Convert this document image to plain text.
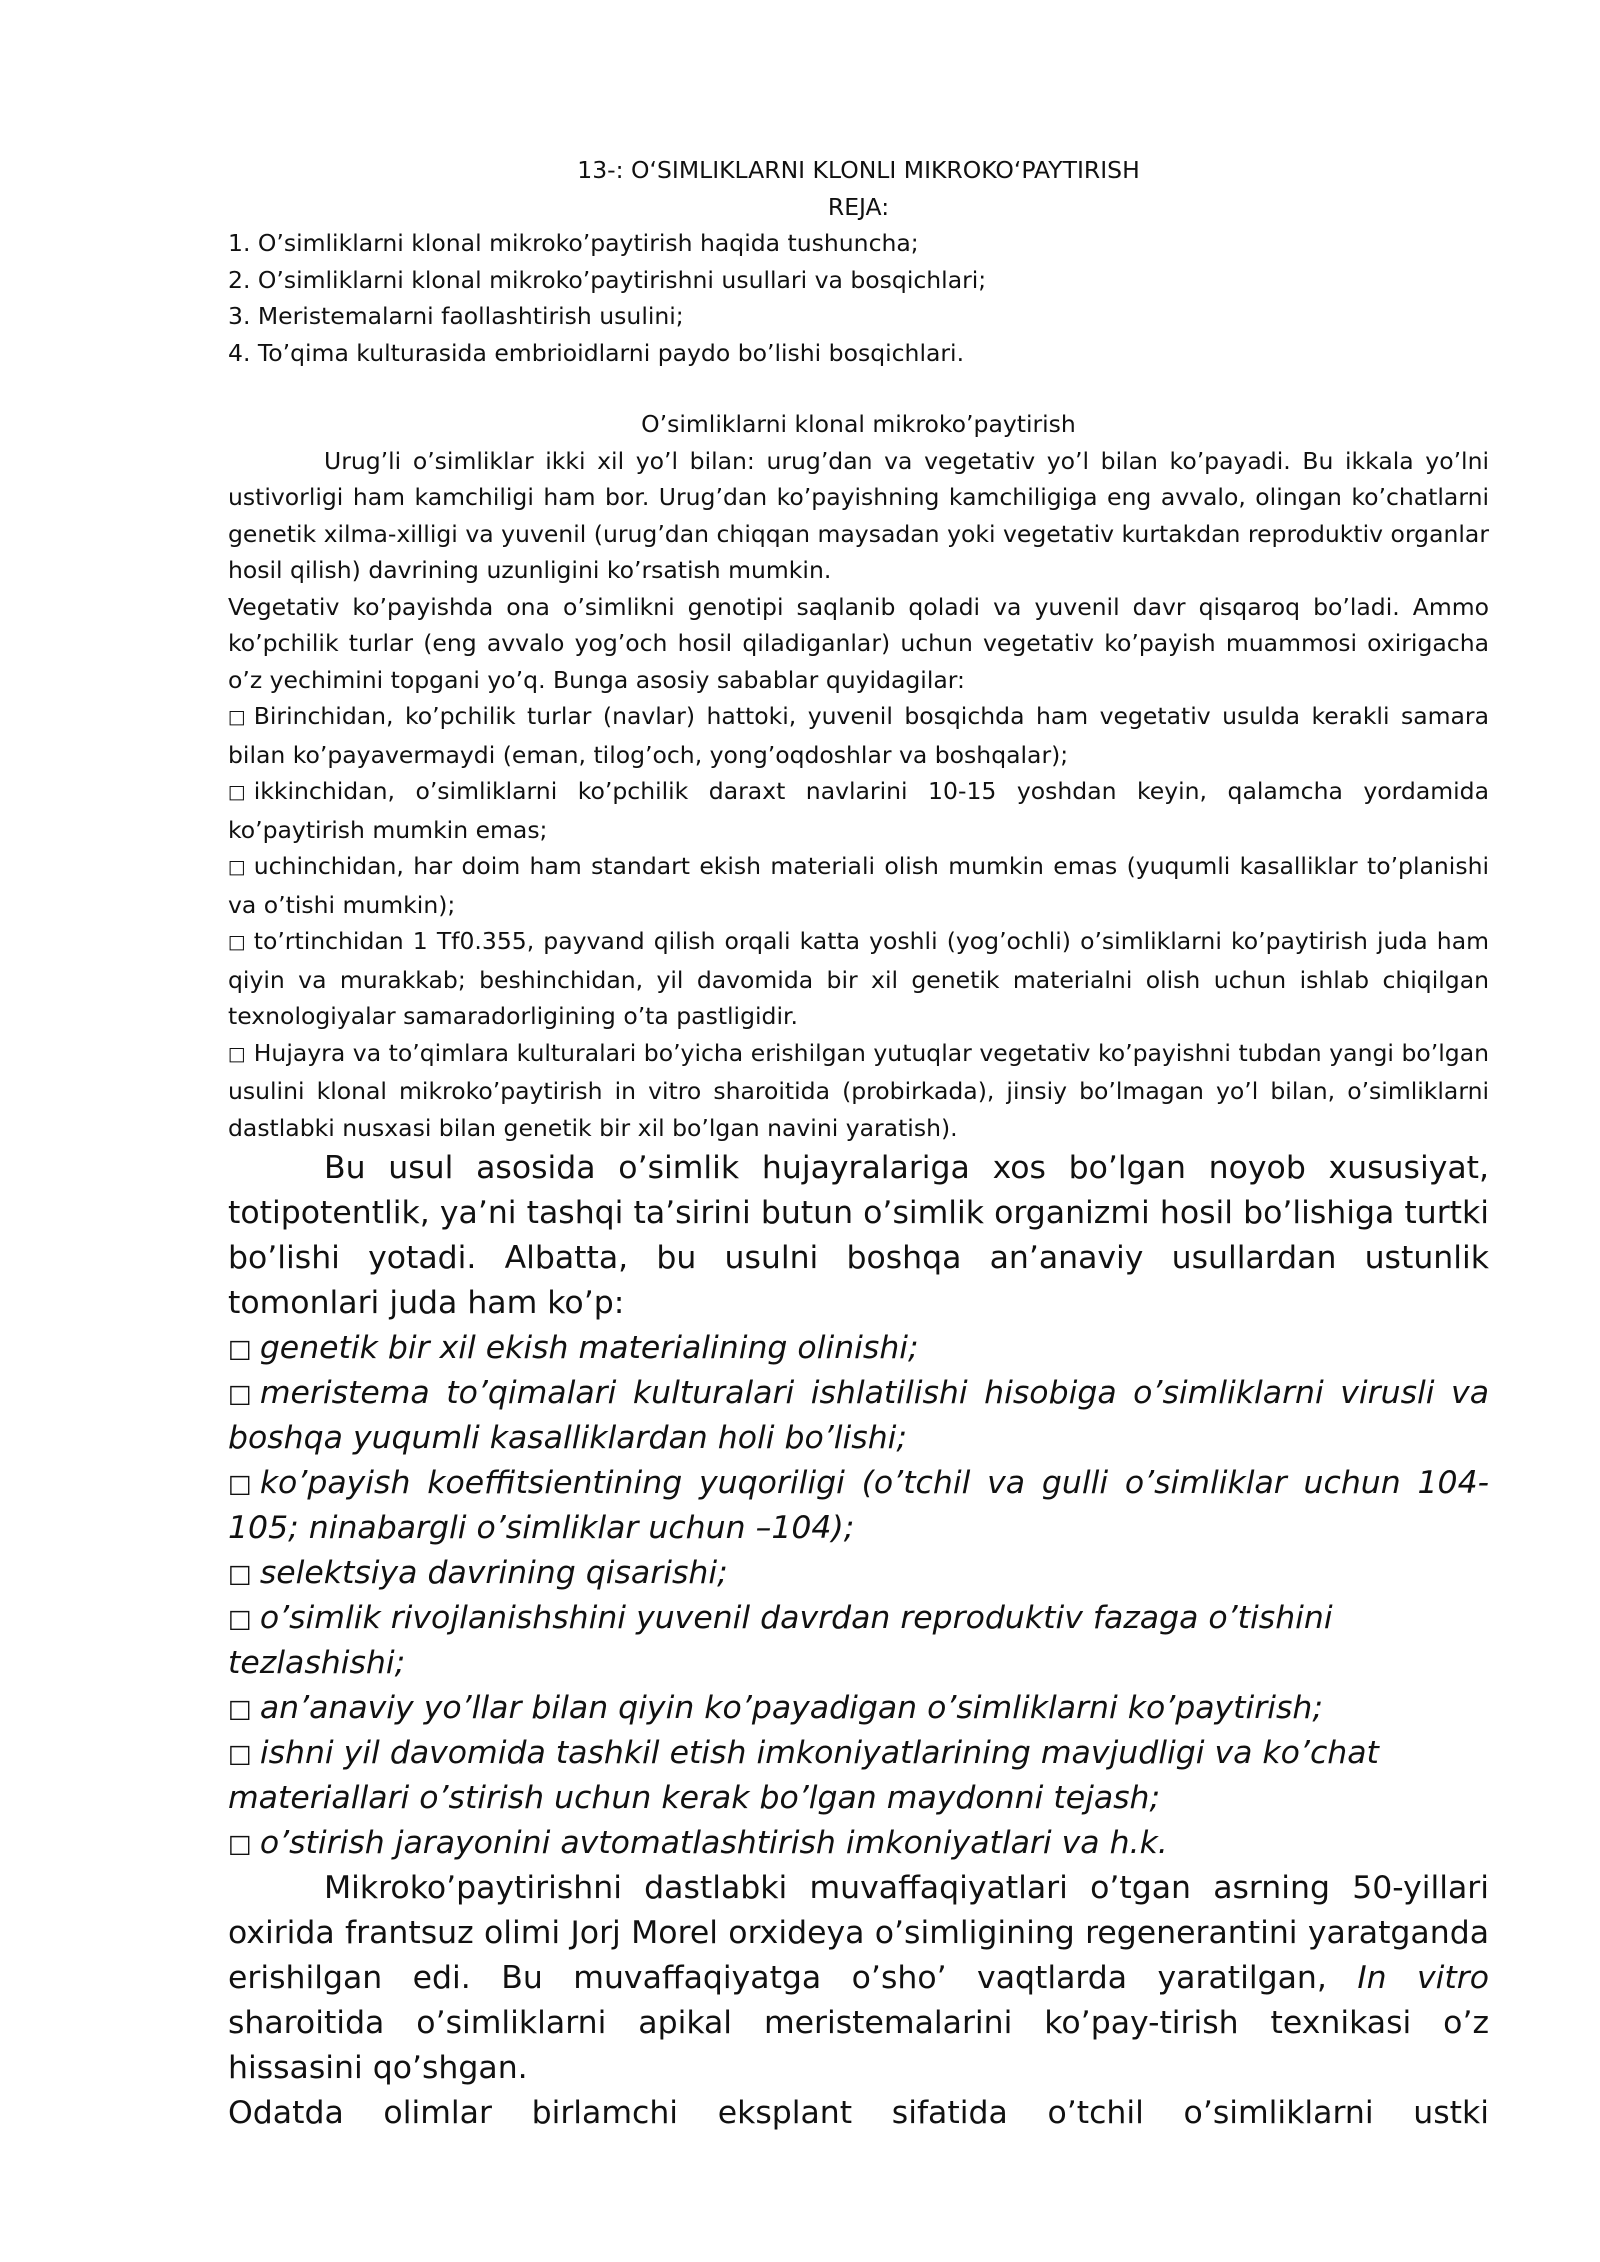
13-: O‘SIMLIKLARNI KLONLI MIKROKO‘PAYTIRISH

REJA:

1. O’simliklarni klonal mikroko’paytirish haqida tushuncha;

2. O’simliklarni klonal mikroko’paytirishni usullari va bosqichlari;

3. Meristemalarni faollashtirish usulini;

4. To’qima kulturasida embrioidlarni paydo bo’lishi bosqichlari.

O’simliklarni klonal mikroko’paytirish

Urug’li o’simliklar ikki xil yo’l bilan: urug’dan va vegetativ yo’l bilan ko’payadi. Bu ikkala yo’lni ustivorligi ham kamchiligi ham bor. Urug’dan ko’payishning kamchiligiga eng avvalo, olingan ko’chatlarni genetik xilma-xilligi va yuvenil (urug’dan chiqqan maysadan yoki vegetativ kurtakdan reproduktiv organlar hosil qilish) davrining uzunligini ko’rsatish mumkin.

Vegetativ ko’payishda ona o’simlikni genotipi saqlanib qoladi va yuvenil davr qisqaroq bo’ladi. Ammo ko’pchilik turlar (eng avvalo yog’och hosil qiladiganlar) uchun vegetativ ko’payish muammosi oxirigacha o’z yechimini topgani yo’q. Bunga asosiy sabablar quyidagilar:

□ Birinchidan, ko’pchilik turlar (navlar) hattoki, yuvenil bosqichda ham vegetativ usulda kerakli samara bilan ko’payavermaydi (eman, tilog’och, yong’oqdoshlar va boshqalar);

□ ikkinchidan, o’simliklarni ko’pchilik daraxt navlarini 10-15 yoshdan keyin, qalamcha yordamida ko’paytirish mumkin emas;

□ uchinchidan, har doim ham standart ekish materiali olish mumkin emas (yuqumli kasalliklar to’planishi va o’tishi mumkin);

□ to’rtinchidan 1 Tf0.355, payvand qilish orqali katta yoshli (yog’ochli) o’simliklarni ko’paytirish juda ham qiyin va murakkab; beshinchidan, yil davomida bir xil genetik materialni olish uchun ishlab chiqilgan texnologiyalar samaradorligining o’ta pastligidir.

□ Hujayra va to’qimlara kulturalari bo’yicha erishilgan yutuqlar vegetativ ko’payishni tubdan yangi bo’lgan usulini klonal mikroko’paytirish in vitro sharoitida (probirkada), jinsiy bo’lmagan yo’l bilan, o’simliklarni dastlabki nusxasi bilan genetik bir xil bo’lgan navini yaratish).

Bu usul asosida o’simlik hujayralariga xos bo’lgan noyob xususiyat, totipotentlik, ya’ni tashqi ta’sirini butun o’simlik organizmi hosil bo’lishiga turtki bo’lishi yotadi. Albatta, bu usulni boshqa an’anaviy usullardan ustunlik tomonlari juda ham ko’p:

□ genetik bir xil ekish materialining olinishi;

□ meristema to’qimalari kulturalari ishlatilishi hisobiga o’simliklarni virusli va boshqa yuqumli kasalliklardan holi bo’lishi;

□ ko’payish koeffitsientining yuqoriligi (o’tchil va gulli o’simliklar uchun 104-105; ninabargli o’simliklar uchun –104);

□ selektsiya davrining qisarishi;

□ o’simlik rivojlanishshini yuvenil davrdan reproduktiv fazaga o’tishini

tezlashishi;

□ an’anaviy yo’llar bilan qiyin ko’payadigan o’simliklarni ko’paytirish;

□ ishni yil davomida tashkil etish imkoniyatlarining mavjudligi va ko’chat

materiallari o’stirish uchun kerak bo’lgan maydonni tejash;

□ o’stirish jarayonini avtomatlashtirish imkoniyatlari va h.k.

Mikroko’paytirishni dastlabki muvaffaqiyatlari o’tgan asrning 50-yillari oxirida frantsuz olimi Jorj Morel orxideya o’simligining regenerantini yaratganda erishilgan edi. Bu muvaffaqiyatga o’sho’ vaqtlarda yaratilgan, In vitro sharoitida o’simliklarni apikal meristemalarini ko’pay-tirish texnikasi o’z hissasini qo’shgan.

Odatda olimlar birlamchi eksplant sifatida o’tchil o’simliklarni ustki
